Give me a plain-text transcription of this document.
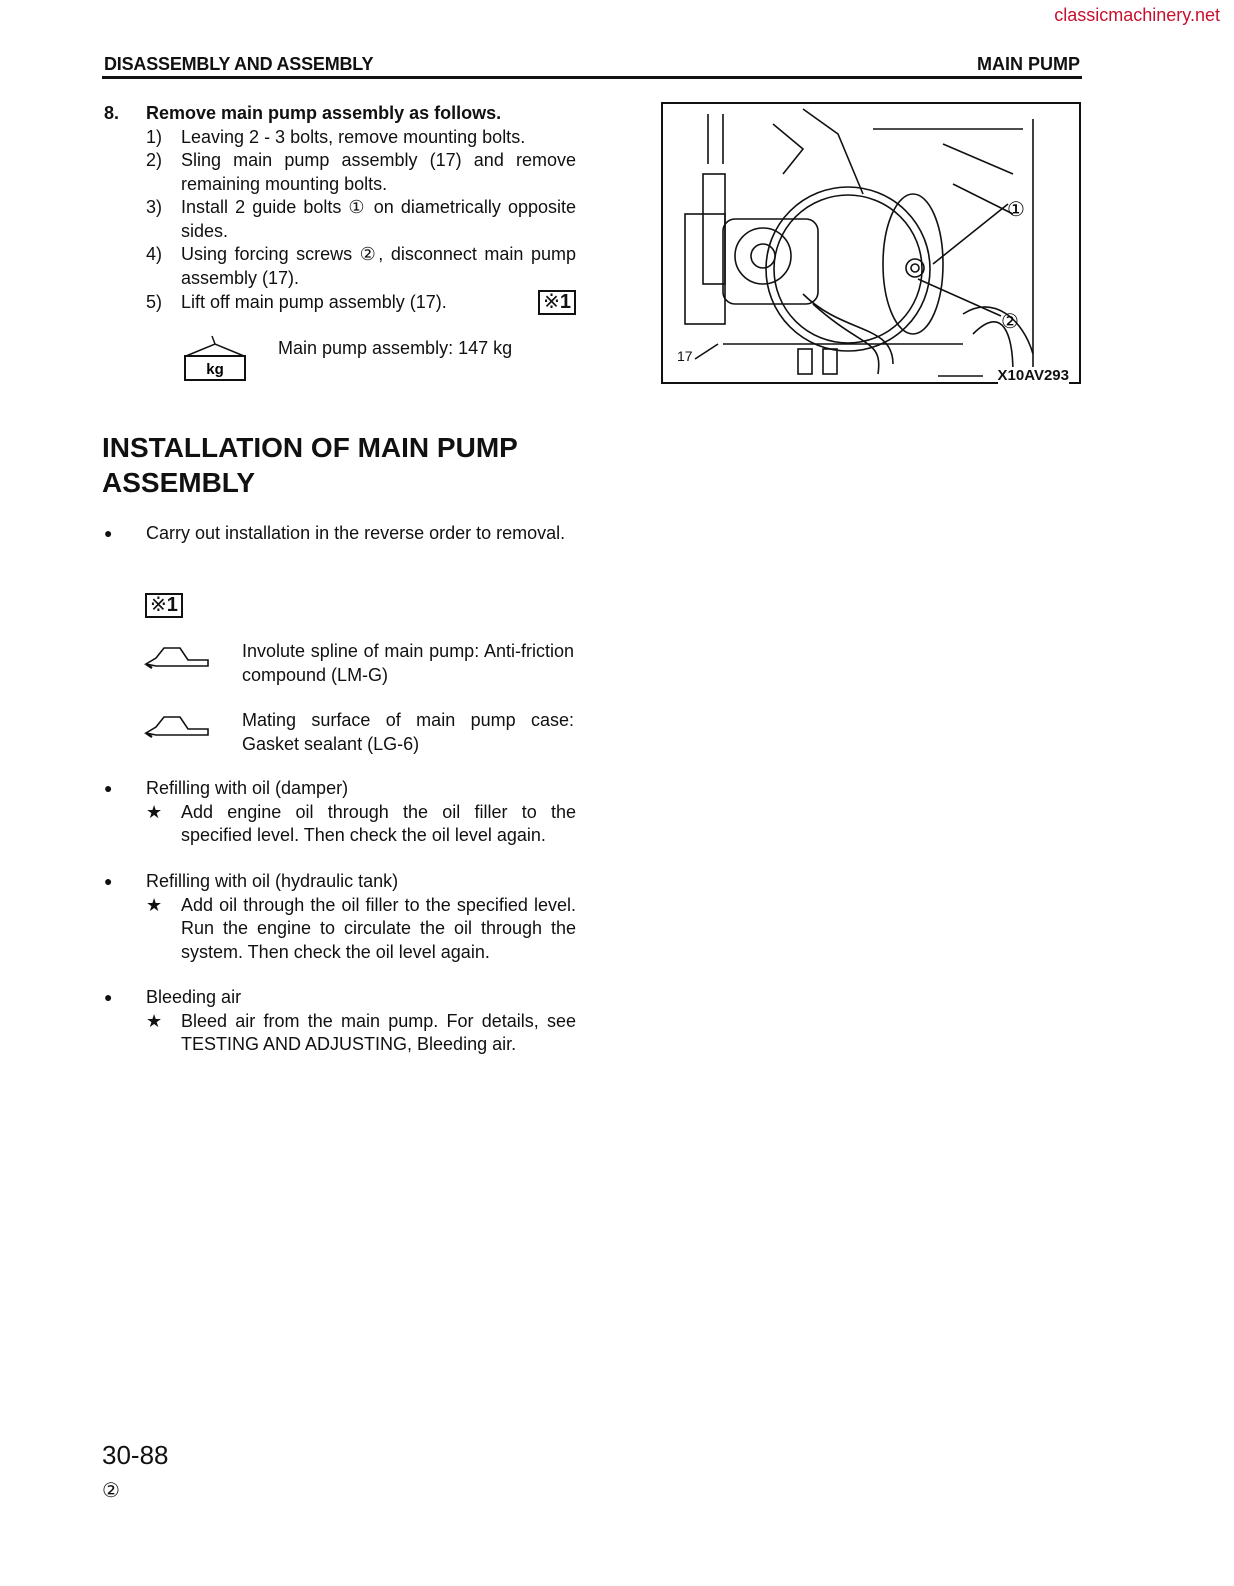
classicmachinery.net
DISASSEMBLY AND ASSEMBLY	MAIN PUMP
8.	Remove main pump assembly as follows.
1)	Leaving 2 - 3 bolts, remove mounting bolts.
2)	Sling main pump assembly (17) and remove remaining mounting bolts.
3)	Install 2 guide bolts ① on diametrically opposite sides.
4)	Using forcing screws ②, disconnect main pump assembly (17).
5)	Lift off main pump assembly (17).	※1
kg
Main pump assembly: 147 kg
①
②
17
X10AV293
INSTALLATION OF MAIN PUMP ASSEMBLY
●	Carry out installation in the reverse order to removal.
※1
Involute spline of main pump: Anti-friction compound (LM-G)
Mating surface of main pump case: Gasket sealant (LG-6)
●	Refilling with oil (damper)
★	Add engine oil through the oil filler to the specified level. Then check the oil level again.
●	Refilling with oil (hydraulic tank)
★	Add oil through the oil filler to the specified level. Run the engine to circulate the oil through the system. Then check the oil level again.
●	Bleeding air
★	Bleed air from the main pump. For details, see TESTING AND ADJUSTING, Bleeding air.
30-88
②
